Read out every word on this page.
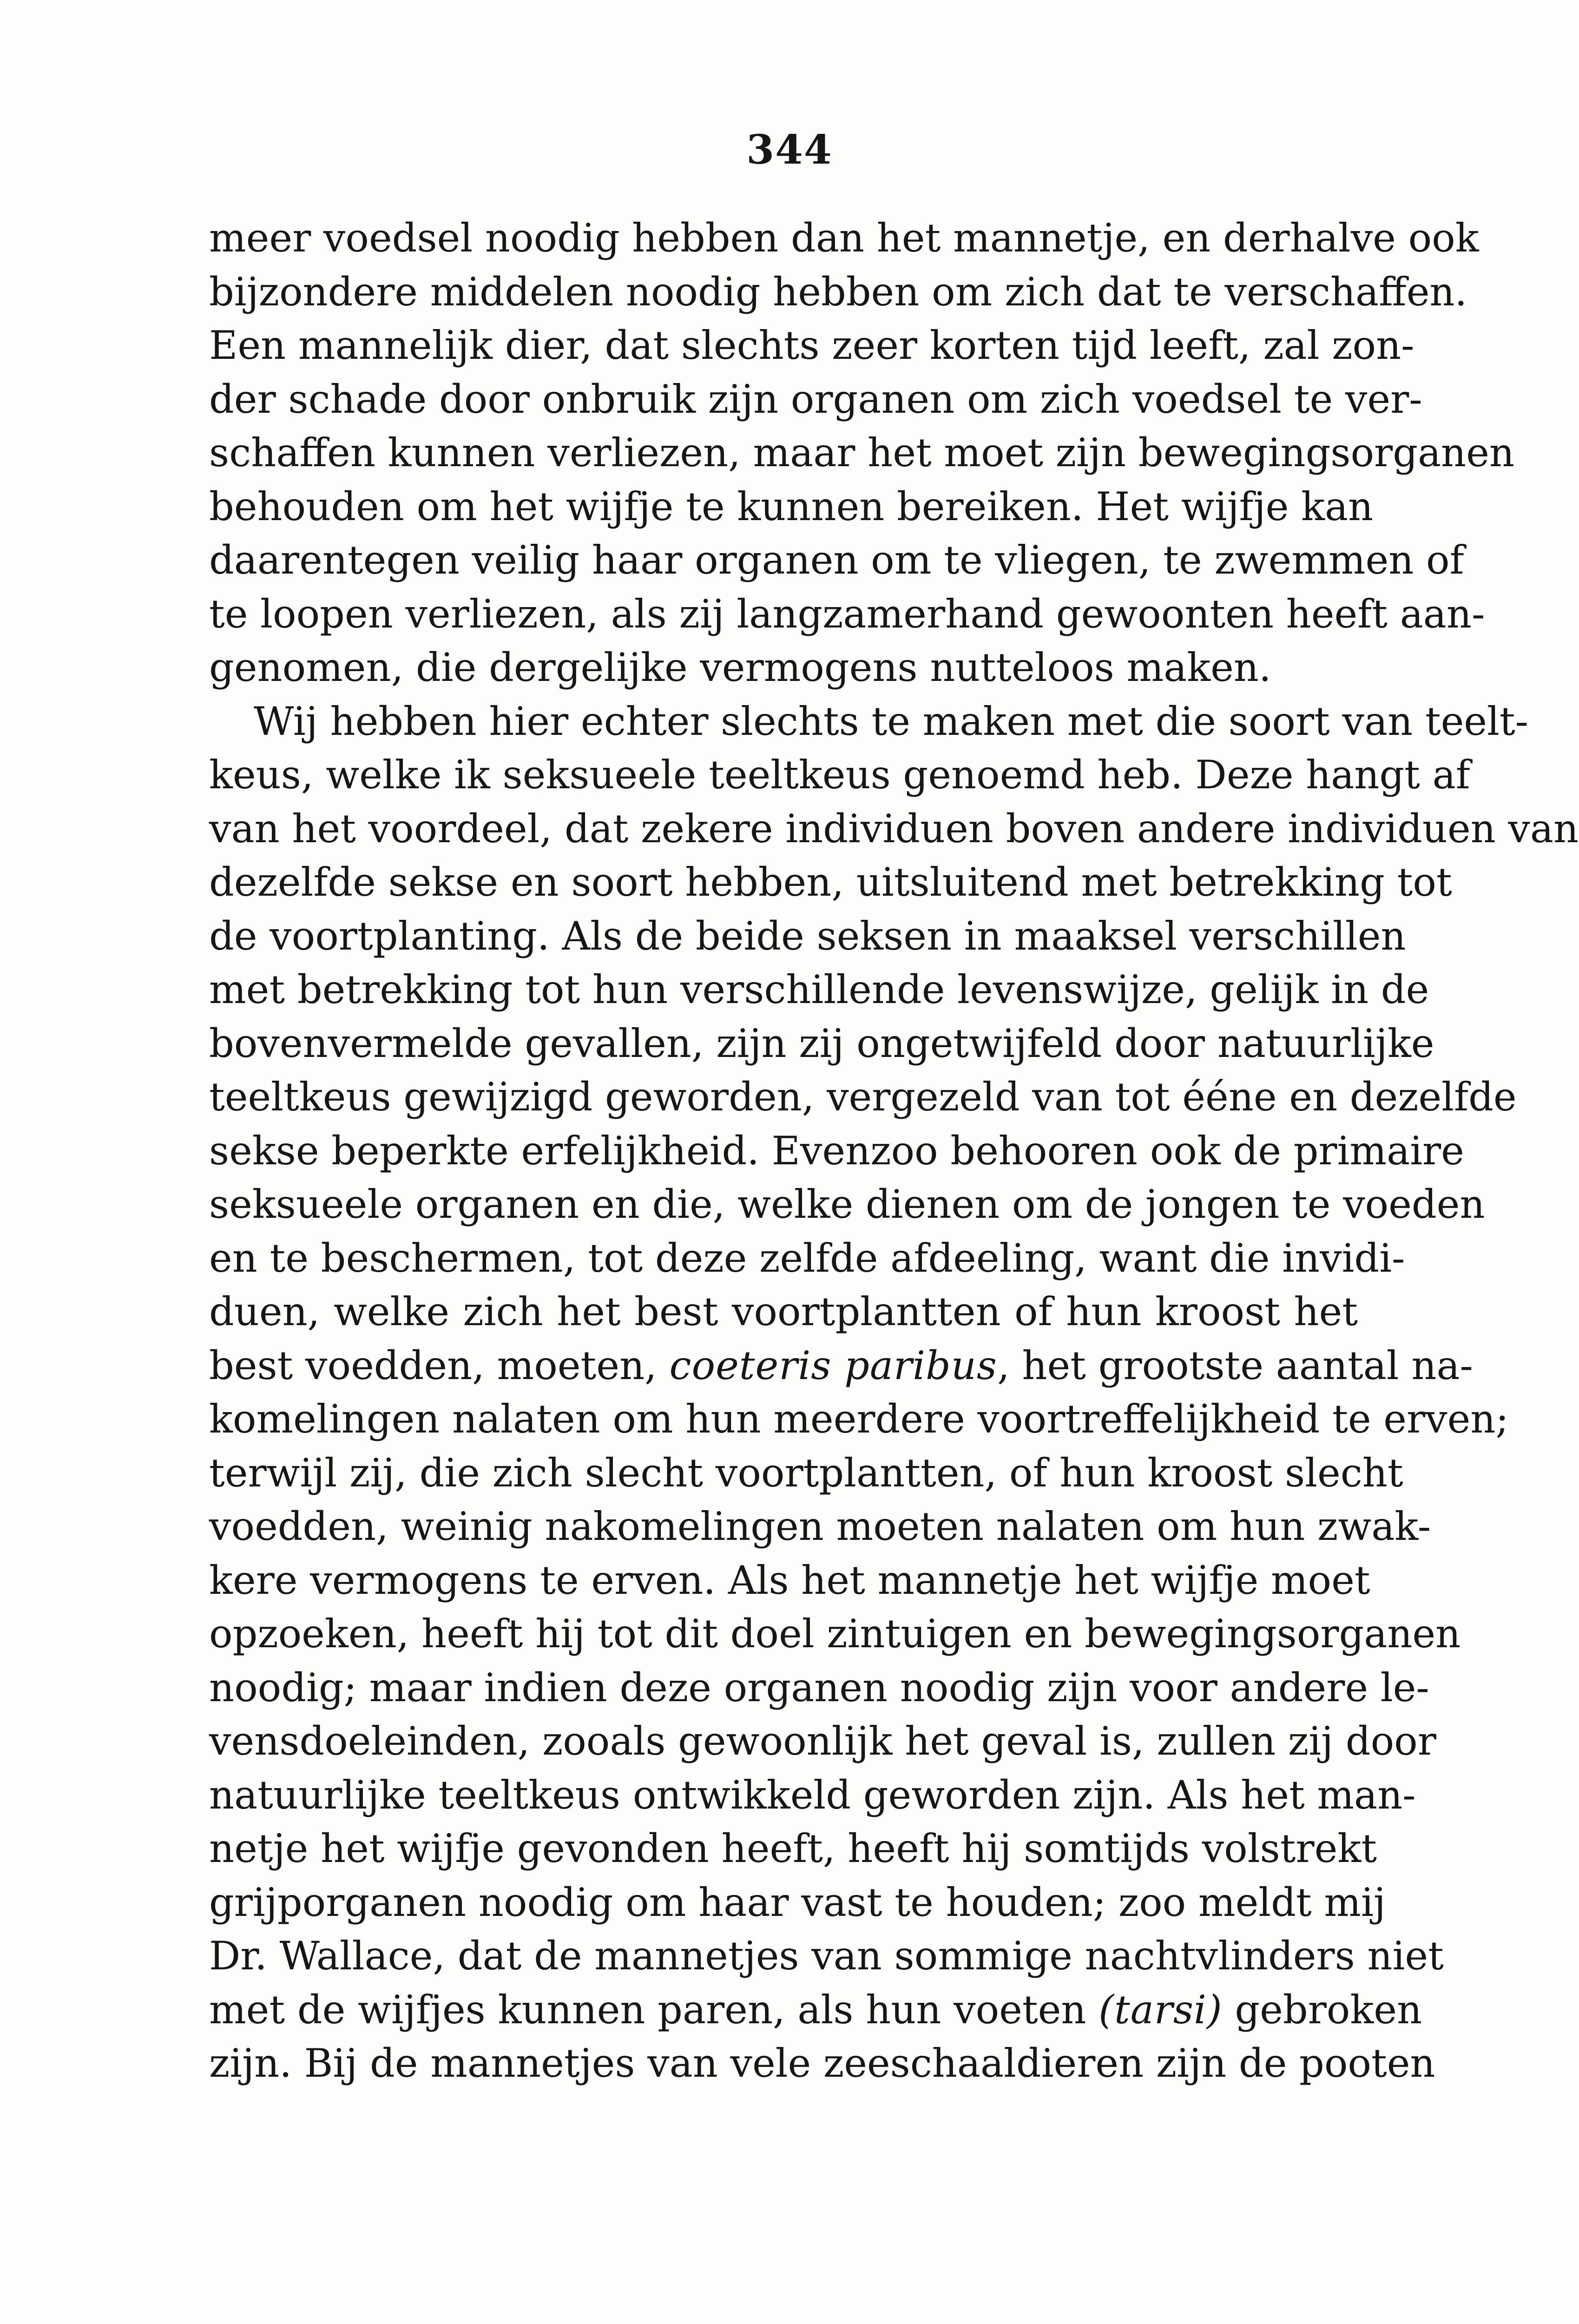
344
meer voedsel noodig hebben dan het mannetje, en derhalve ook
bijzondere middelen noodig hebben om zich dat te verschaffen.
Een mannelijk dier, dat slechts zeer korten tijd leeft, zal zon-
der schade door onbruik zijn organen om zich voedsel te ver-
schaffen kunnen verliezen, maar het moet zijn bewegingsorganen
behouden om het wijfje te kunnen bereiken. Het wijfje kan
daarentegen veilig haar organen om te vliegen, te zwemmen of
te loopen verliezen, als zij langzamerhand gewoonten heeft aan-
genomen, die dergelijke vermogens nutteloos maken.
Wij hebben hier echter slechts te maken met die soort van teelt-
keus, welke ik seksueele teeltkeus genoemd heb. Deze hangt af
van het voordeel, dat zekere individuen boven andere individuen van
dezelfde sekse en soort hebben, uitsluitend met betrekking tot
de voortplanting. Als de beide seksen in maaksel verschillen
met betrekking tot hun verschillende levenswijze, gelijk in de
bovenvermelde gevallen, zijn zij ongetwijfeld door natuurlijke
teeltkeus gewijzigd geworden, vergezeld van tot ééne en dezelfde
sekse beperkte erfelijkheid. Evenzoo behooren ook de primaire
seksueele organen en die, welke dienen om de jongen te voeden
en te beschermen, tot deze zelfde afdeeling, want die invidi-
duen, welke zich het best voortplantten of hun kroost het
best voedden, moeten, coeteris paribus, het grootste aantal na-
komelingen nalaten om hun meerdere voortreffelijkheid te erven;
terwijl zij, die zich slecht voortplantten, of hun kroost slecht
voedden, weinig nakomelingen moeten nalaten om hun zwak-
kere vermogens te erven. Als het mannetje het wijfje moet
opzoeken, heeft hij tot dit doel zintuigen en bewegingsorganen
noodig; maar indien deze organen noodig zijn voor andere le-
vensdoeleinden, zooals gewoonlijk het geval is, zullen zij door
natuurlijke teeltkeus ontwikkeld geworden zijn. Als het man-
netje het wijfje gevonden heeft, heeft hij somtijds volstrekt
grijporganen noodig om haar vast te houden; zoo meldt mij
Dr. Wallace, dat de mannetjes van sommige nachtvlinders niet
met de wijfjes kunnen paren, als hun voeten (tarsi) gebroken
zijn. Bij de mannetjes van vele zeeschaaldieren zijn de pooten
